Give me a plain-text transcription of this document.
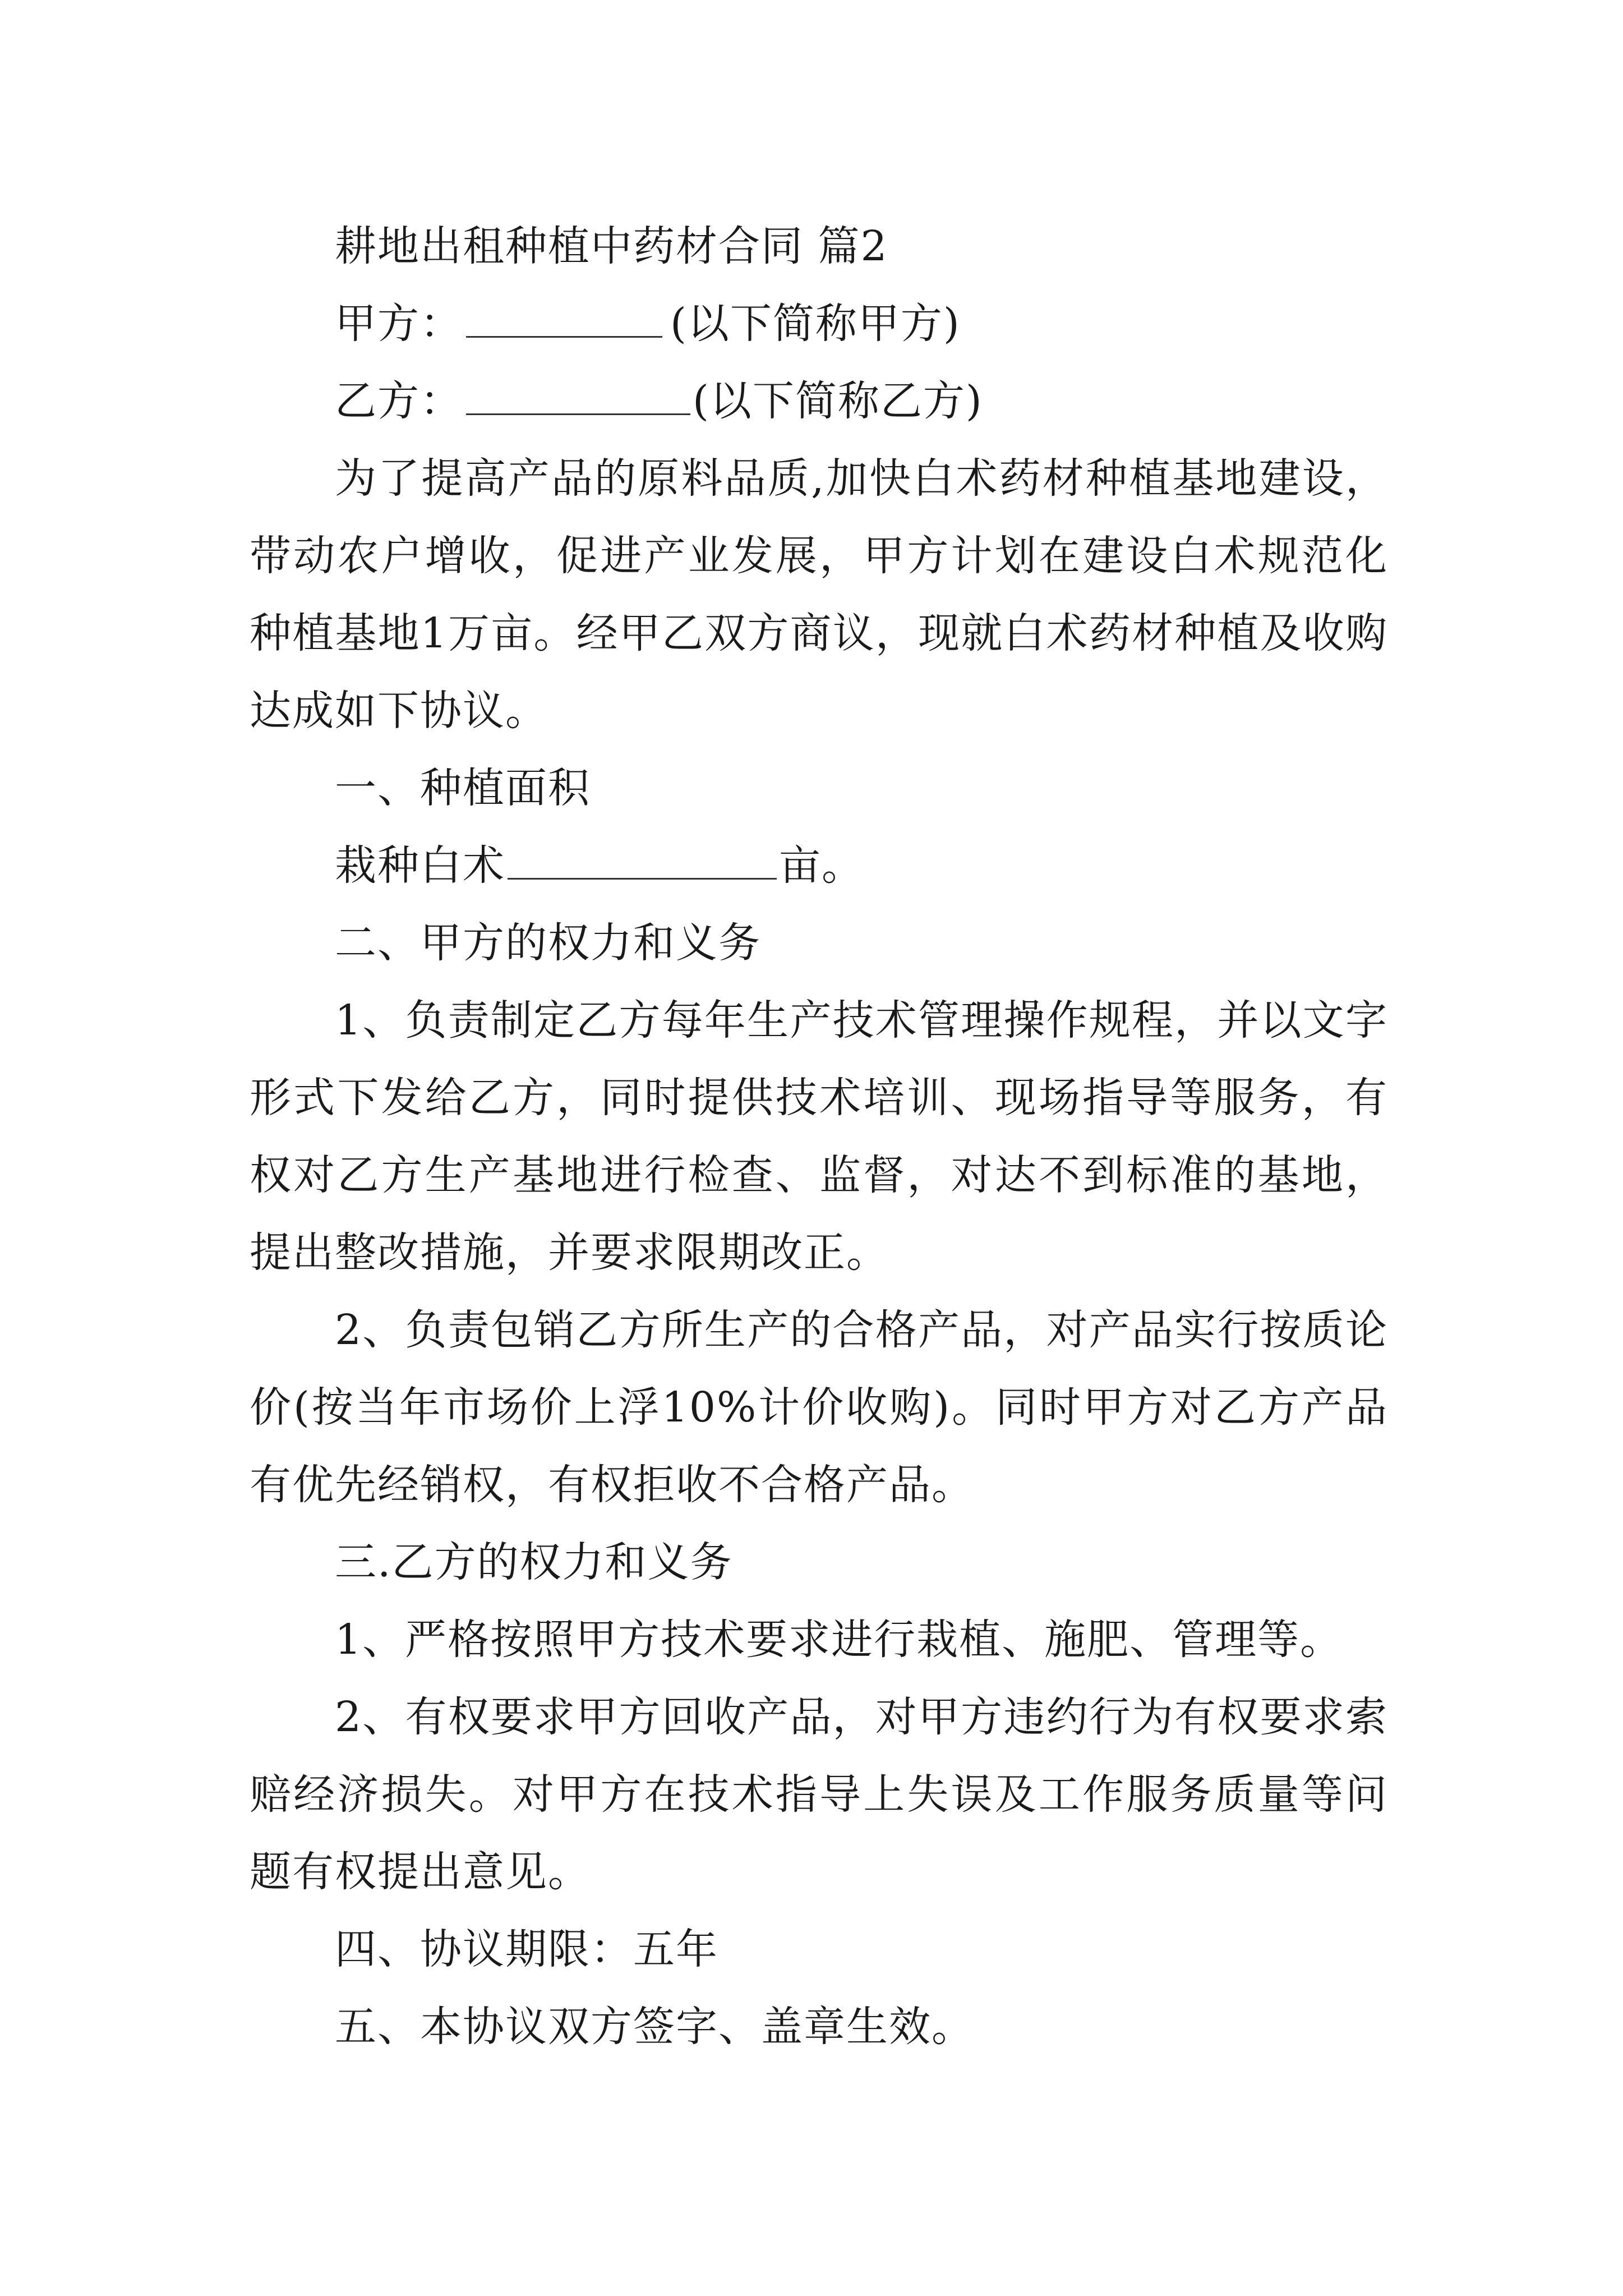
耕地出租种植中药材合同 篇2
甲方：	(以下简称甲方)
乙方：	(以下简称乙方)

为了提高产品的原料品质,加快白术药材种植基地建设，带动农户增收，促进产业发展，甲方计划在建设白术规范化种植基地1万亩。经甲乙双方商议，现就白术药材种植及收购达成如下协议。

一、种植面积
栽种白术	亩。
二、甲方的权力和义务

1、负责制定乙方每年生产技术管理操作规程，并以文字形式下发给乙方，同时提供技术培训、现场指导等服务，有权对乙方生产基地进行检查、监督，对达不到标准的基地，提出整改措施，并要求限期改正。

2、负责包销乙方所生产的合格产品，对产品实行按质论价(按当年市场价上浮10%计价收购)。同时甲方对乙方产品有优先经销权，有权拒收不合格产品。

三.乙方的权力和义务

1、严格按照甲方技术要求进行栽植、施肥、管理等。

2、有权要求甲方回收产品，对甲方违约行为有权要求索赔经济损失。对甲方在技术指导上失误及工作服务质量等问题有权提出意见。

四、协议期限：五年
五、本协议双方签字、盖章生效。
